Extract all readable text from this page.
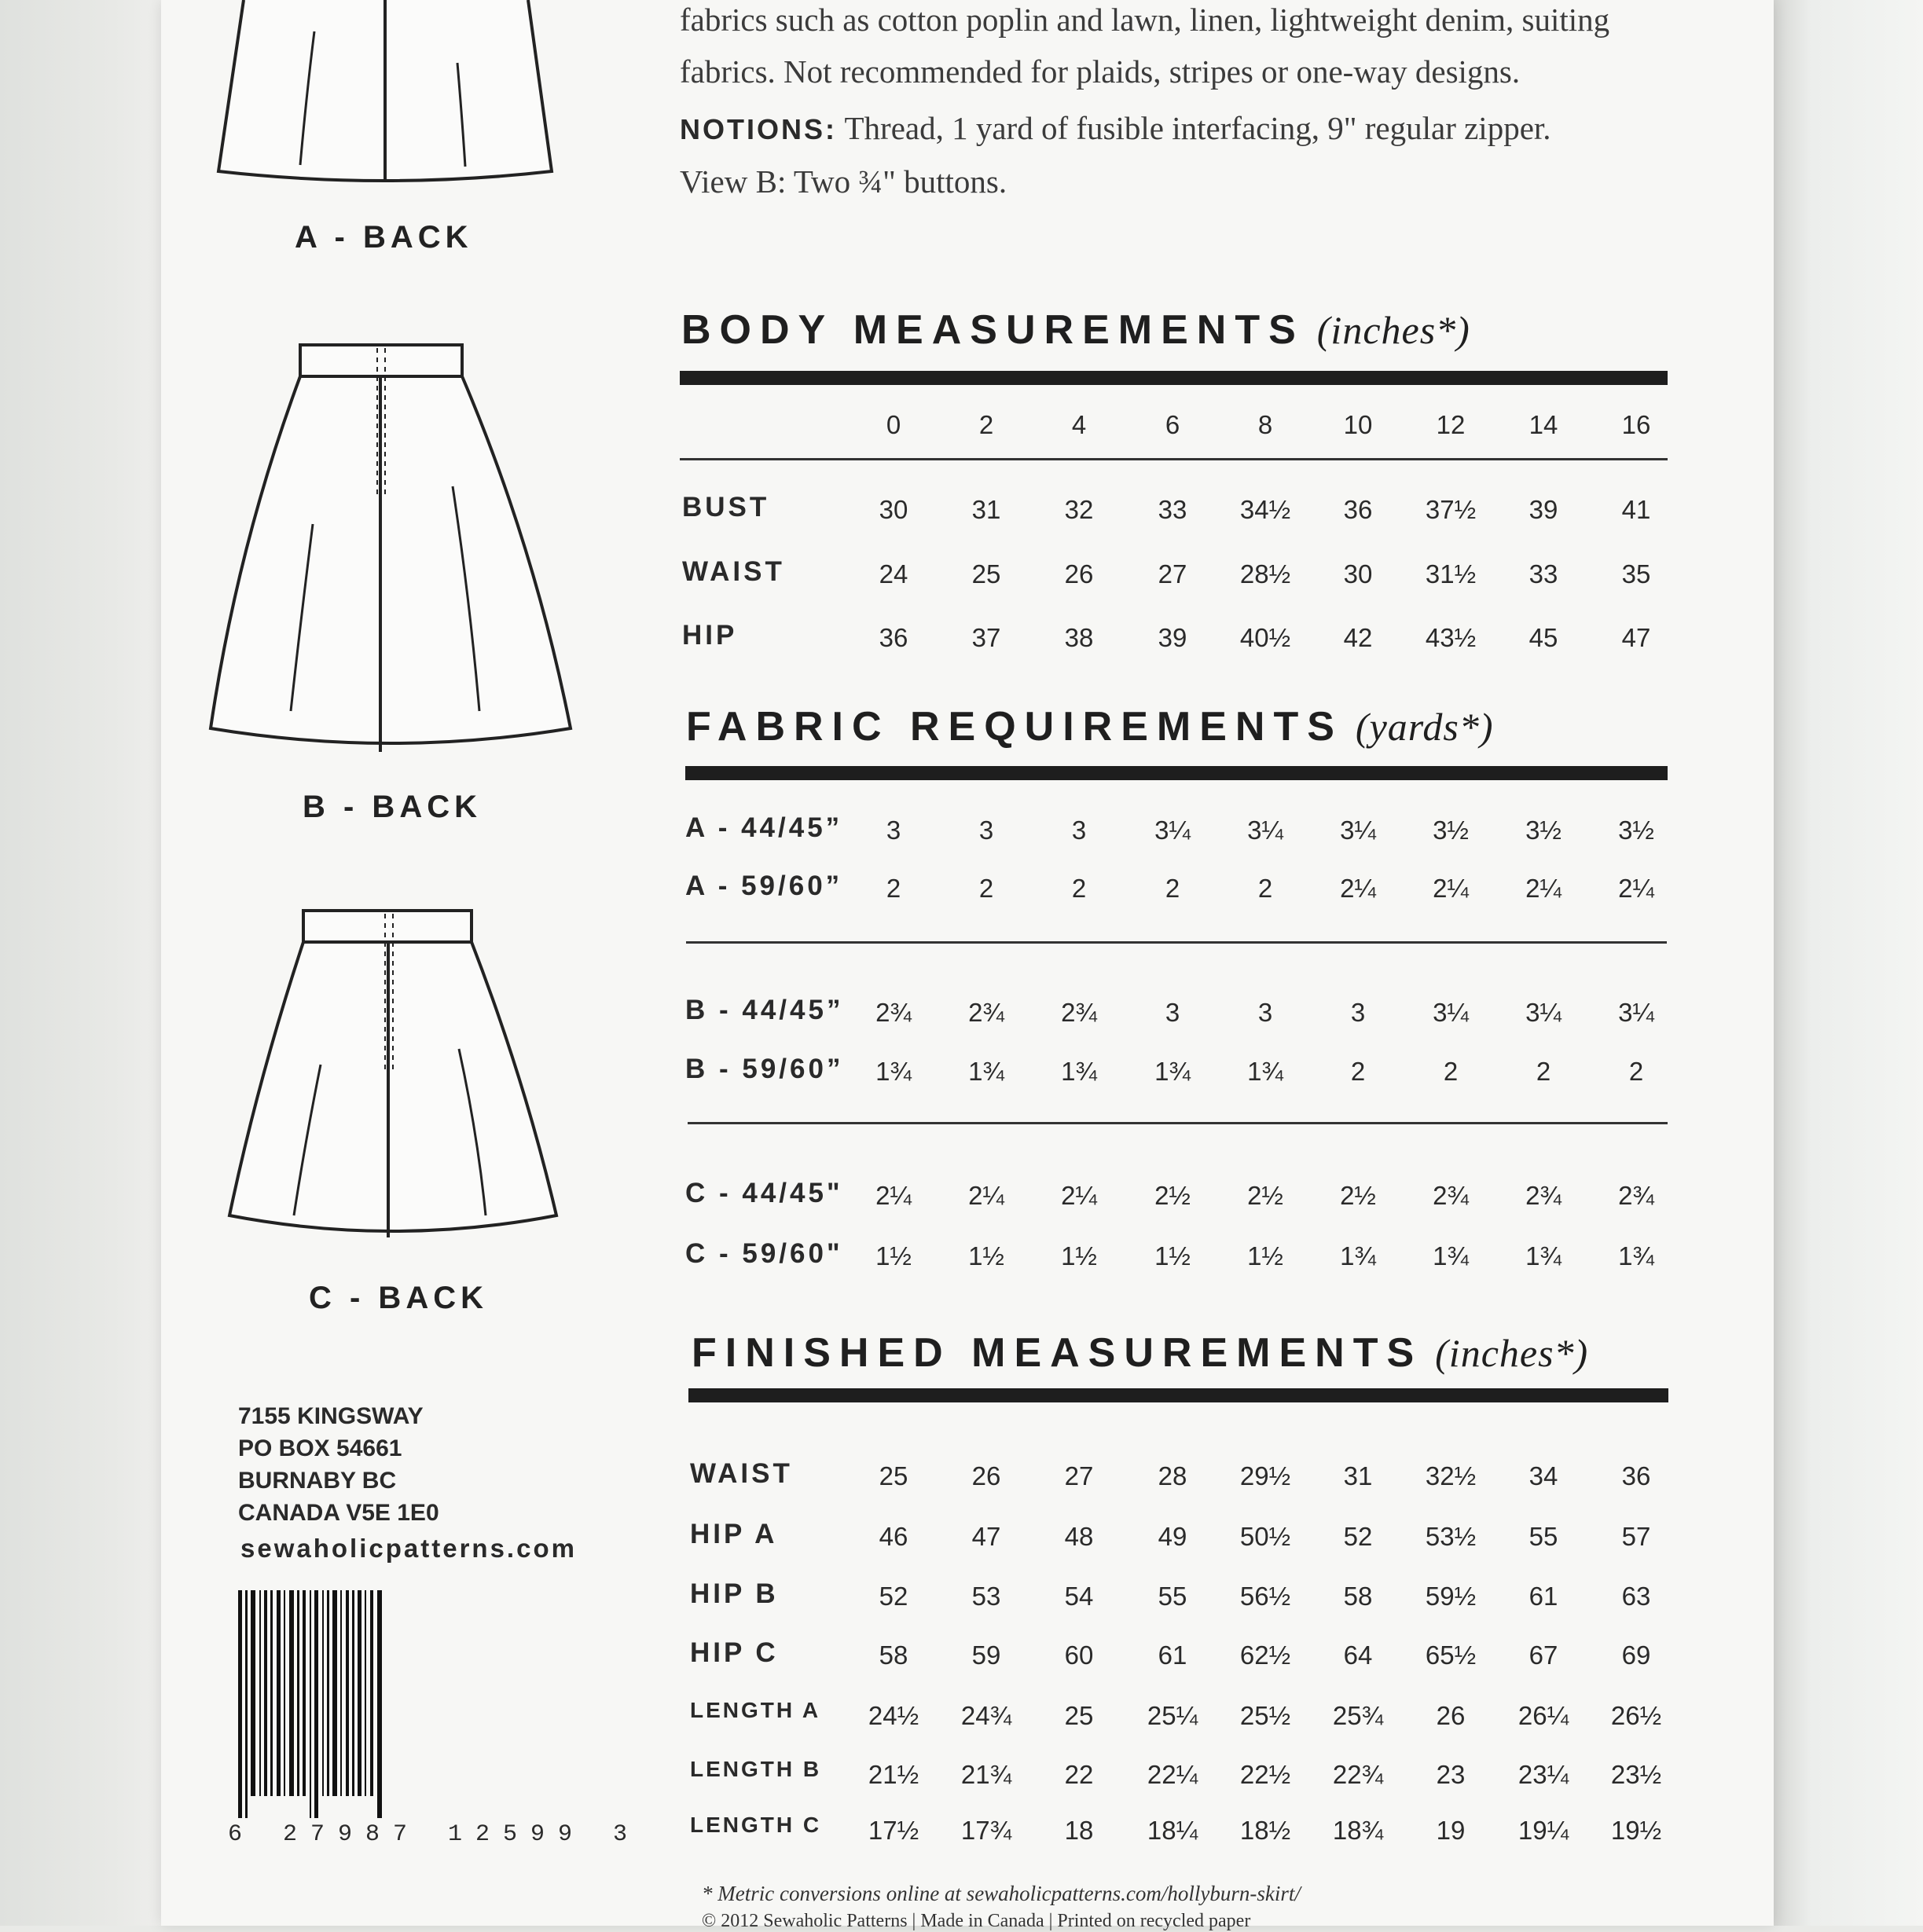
A - BACK
B - BACK
C - BACK

fabrics such as cotton poplin and lawn, linen, lightweight denim, suiting fabrics. Not recommended for plaids, stripes or one-way designs.

NOTIONS: Thread, 1 yard of fusible interfacing, 9" regular zipper.
View B: Two ¾" buttons.

BODY MEASUREMENTS (inches*)
0	2	4	6	8	10 12 14 16
BUST	30 31 32 33 34½ 36 37½ 39 41
WAIST	24 25 26 27 28½ 30 31½ 33 35
HIP	36 37 38 39 40½ 42 43½ 45 47
FABRIC REQUIREMENTS (yards*)
A - 44/45” 3	3	3	3¼ 3¼ 3¼ 3½ 3½ 3½
A - 59/60” 2	2	2	2	2	2¼ 2¼ 2¼ 2¼
B - 44/45” 2¾ 2¾ 2¾	3	3	3	3¼ 3¼ 3¼
B - 59/60” 1¾ 1¾ 1¾ 1¾ 1¾	2	2	2	2
C - 44/45" 2¼ 2¼ 2¼ 2½ 2½ 2½ 2¾ 2¾ 2¾
C - 59/60" 1½ 1½ 1½ 1½ 1½ 1¾ 1¾ 1¾ 1¾
FINISHED MEASUREMENTS (inches*)
WAIST	25 26 27 28 29½ 31 32½ 34 36
HIP A	46 47 48 49 50½ 52 53½ 55 57
HIP B	52 53 54 55 56½ 58 59½ 61 63
HIP C	58 59 60 61 62½ 64 65½ 67 69
LENGTH A 24½ 24¾ 25 25¼ 25½ 25¾ 26 26¼ 26½
LENGTH B 21½ 21¾ 22 22¼ 22½ 22¾ 23 23¼ 23½
LENGTH C 17½ 17¾ 18 18¼ 18½ 18¾ 19 19¼ 19½
7155 KINGSWAY
PO BOX 54661
BURNABY BC
CANADA V5E 1E0
sewaholicpatterns.com
6 27987 12599 3
* Metric conversions online at sewaholicpatterns.com/hollyburn-skirt/
© 2012 Sewaholic Patterns | Made in Canada | Printed on recycled paper
